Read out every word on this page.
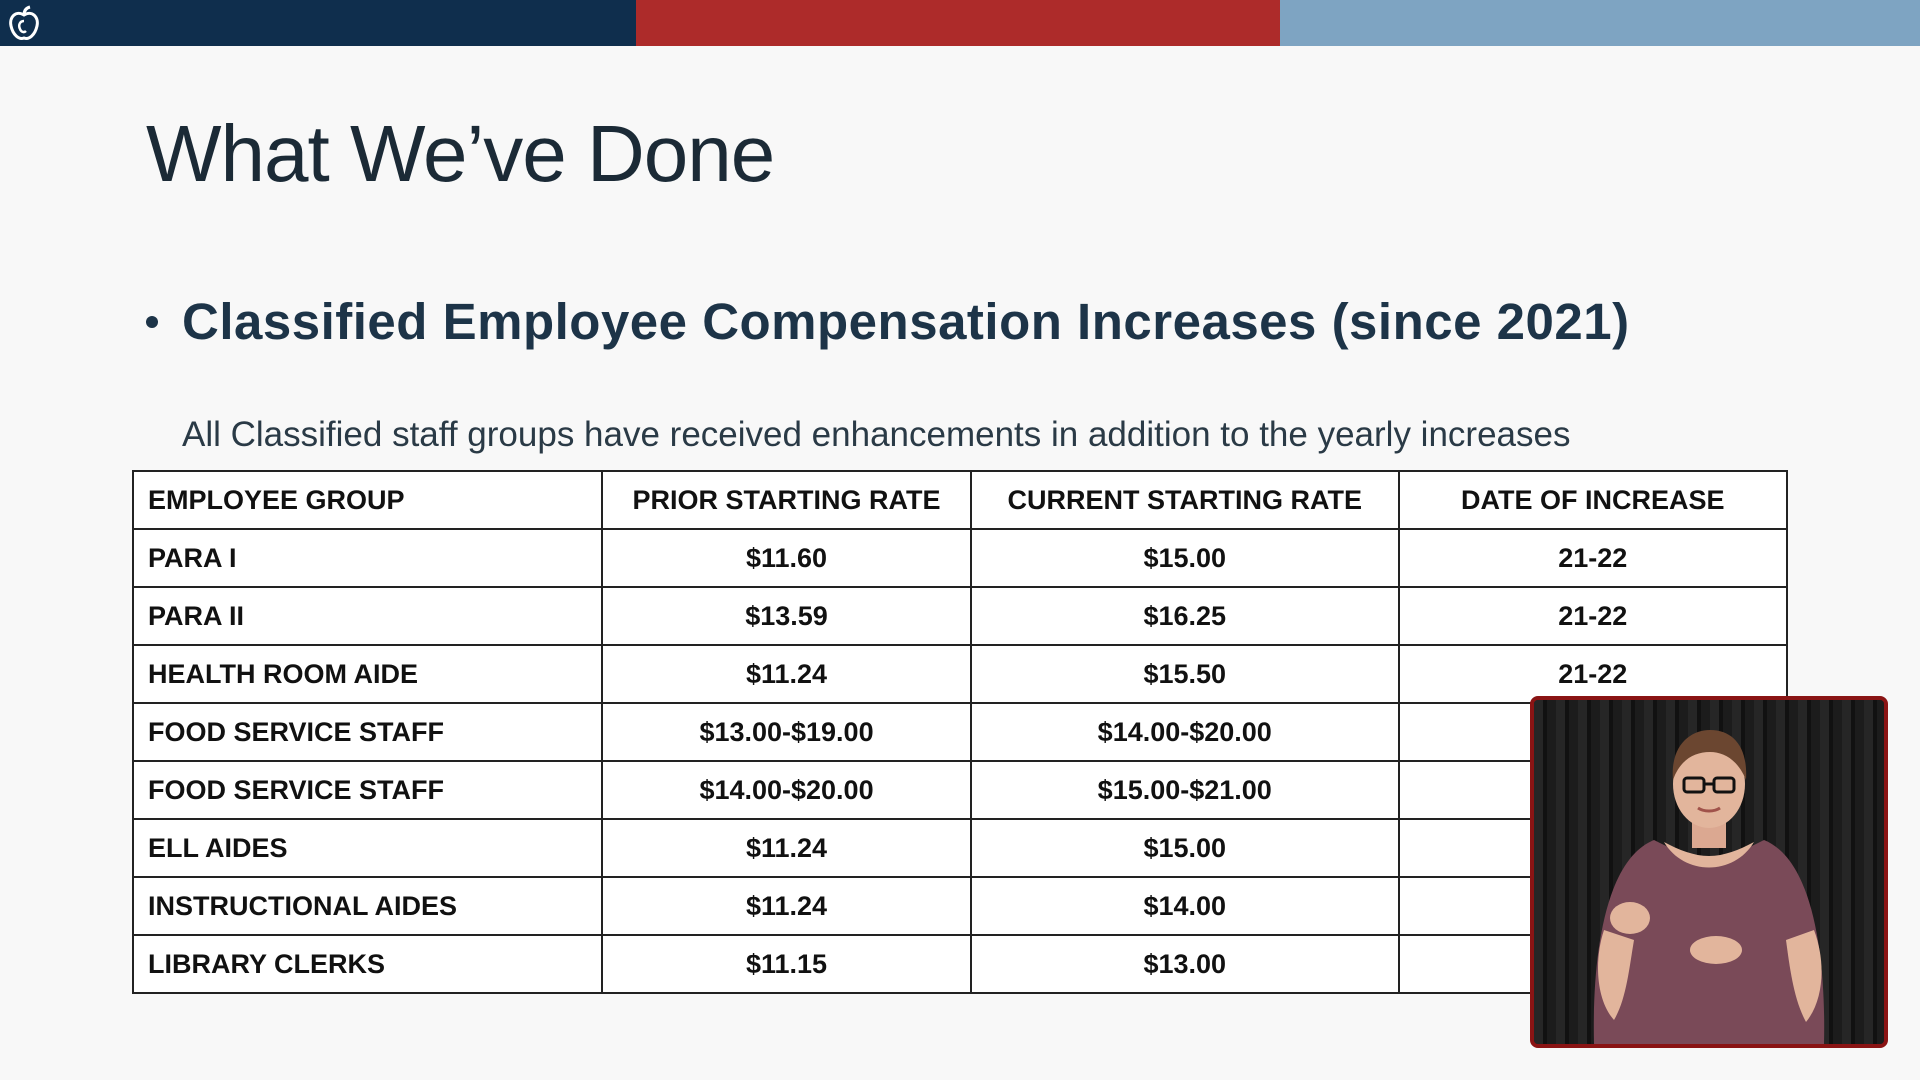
What We’ve Done
Classified Employee Compensation Increases (since 2021)
All Classified staff groups have received enhancements in addition to the yearly increases
EMPLOYEE GROUP	PRIOR STARTING RATE	CURRENT STARTING RATE	DATE OF INCREASE
PARA I	$11.60	$15.00	21-22
PARA II	$13.59	$16.25	21-22
HEALTH ROOM AIDE	$11.24	$15.50	21-22
FOOD SERVICE STAFF	$13.00-$19.00	$14.00-$20.00	
FOOD SERVICE STAFF	$14.00-$20.00	$15.00-$21.00	
ELL AIDES	$11.24	$15.00	
INSTRUCTIONAL AIDES	$11.24	$14.00	
LIBRARY CLERKS	$11.15	$13.00	
